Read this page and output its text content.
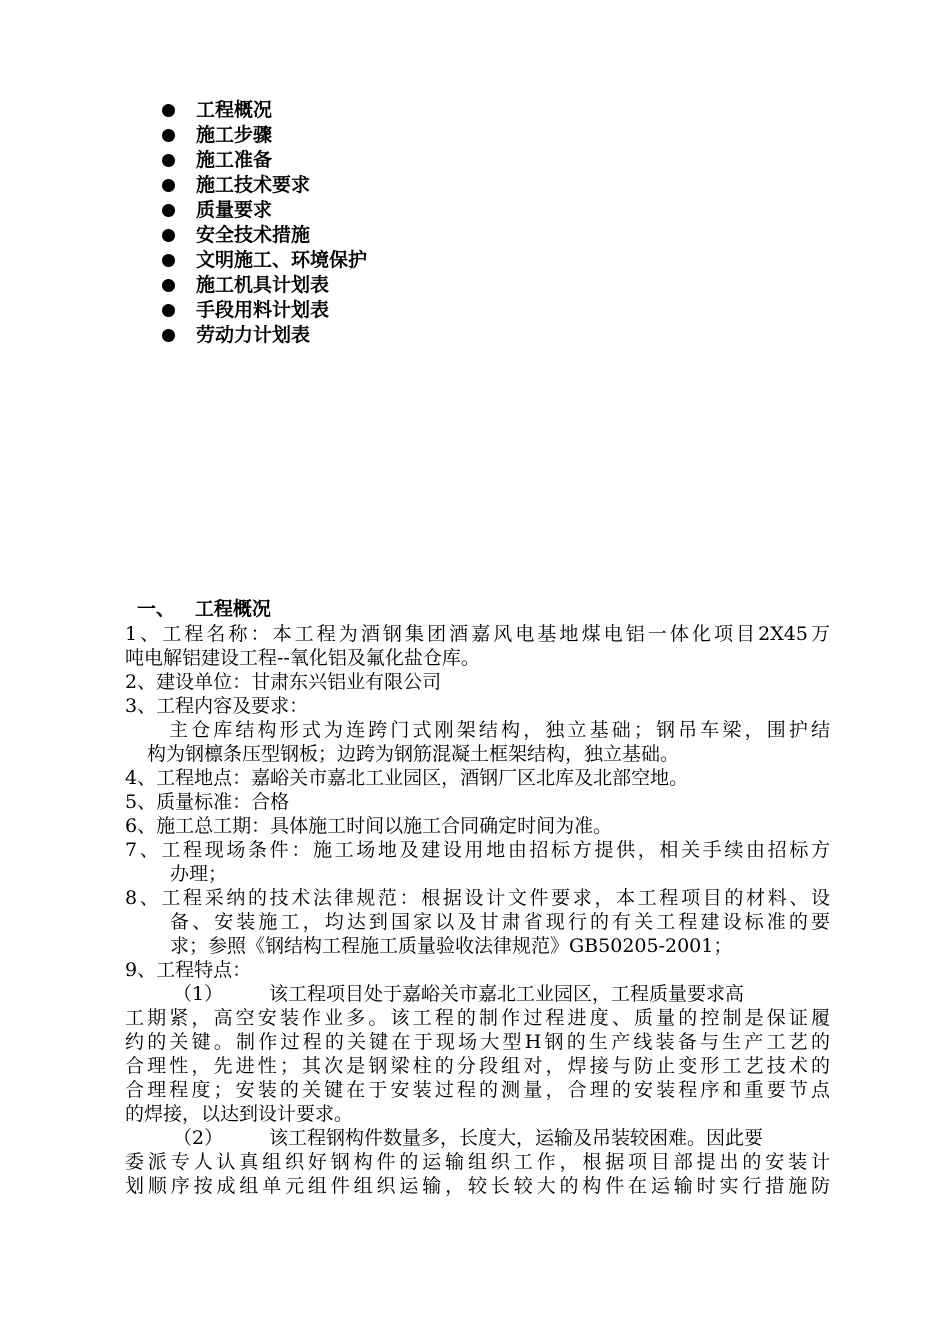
工程概况
施工步骤
施工准备
施工技术要求
质量要求
安全技术措施
文明施工、环境保护
施工机具计划表
手段用料计划表
劳动力计划表
一、 工程概况
1、工程名称：本工程为酒钢集团酒嘉风电基地煤电铝一体化项目2X45万
吨电解铝建设工程--氧化铝及氟化盐仓库。
2、建设单位：甘肃东兴铝业有限公司
3、工程内容及要求：
主仓库结构形式为连跨门式刚架结构，独立基础；钢吊车梁，围护结
构为钢檩条压型钢板；边跨为钢筋混凝土框架结构，独立基础。
4、工程地点：嘉峪关市嘉北工业园区，酒钢厂区北库及北部空地。
5、质量标准：合格
6、施工总工期：具体施工时间以施工合同确定时间为准。
7、工程现场条件：施工场地及建设用地由招标方提供，相关手续由招标方
办理；
8、工程采纳的技术法律规范：根据设计文件要求，本工程项目的材料、设
备、安装施工，均达到国家以及甘肃省现行的有关工程建设标准的要
求；参照《钢结构工程施工质量验收法律规范》GB50205-2001；
9、工程特点：
（1） 该工程项目处于嘉峪关市嘉北工业园区，工程质量要求高
工期紧，高空安装作业多。该工程的制作过程进度、质量的控制是保证履
约的关键。制作过程的关键在于现场大型H钢的生产线装备与生产工艺的
合理性，先进性；其次是钢梁柱的分段组对，焊接与防止变形工艺技术的
合理程度；安装的关键在于安装过程的测量，合理的安装程序和重要节点
的焊接，以达到设计要求。
（2） 该工程钢构件数量多，长度大，运输及吊装较困难。因此要
委派专人认真组织好钢构件的运输组织工作，根据项目部提出的安装计
划顺序按成组单元组件组织运输，较长较大的构件在运输时实行措施防
